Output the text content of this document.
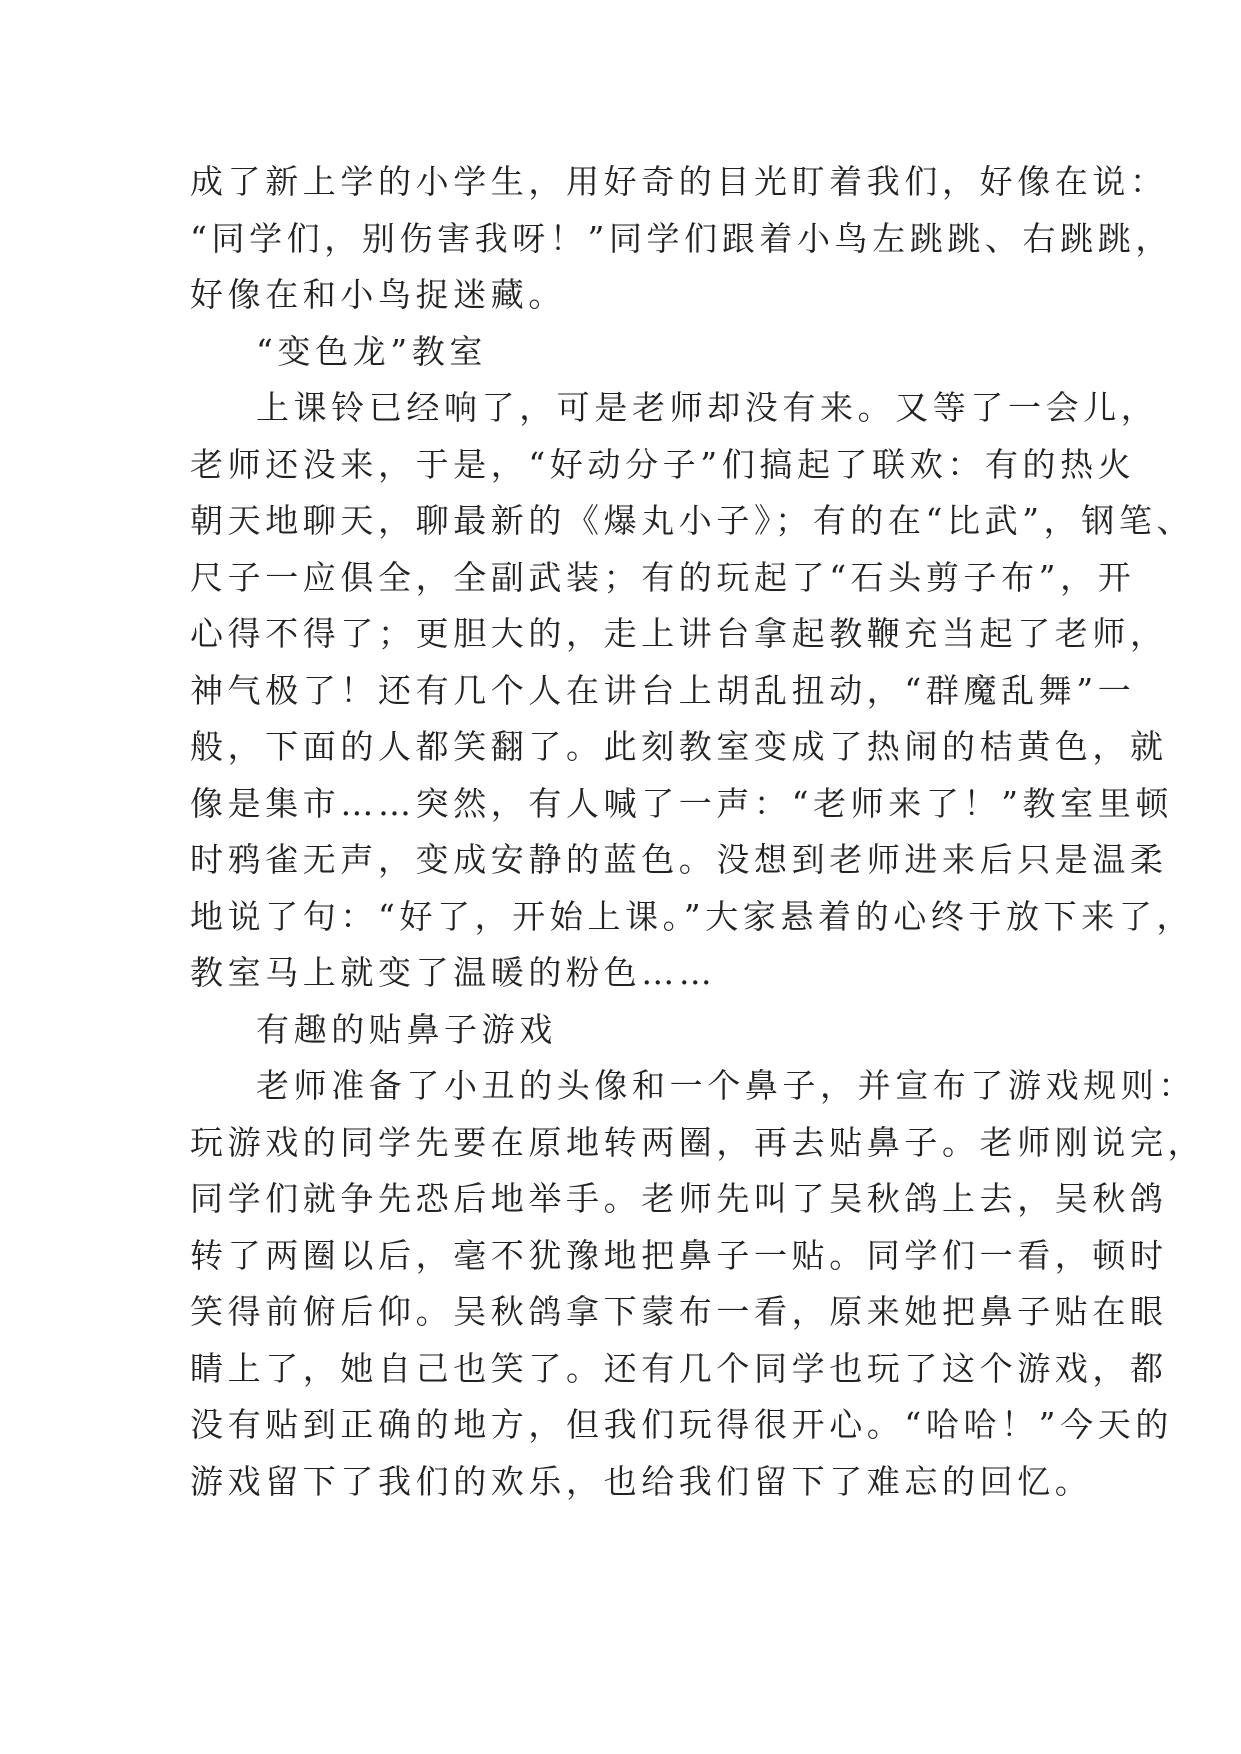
成了新上学的小学生，用好奇的目光盯着我们，好像在说：
“同学们，别伤害我呀！”同学们跟着小鸟左跳跳、右跳跳，
好像在和小鸟捉迷藏。
“变色龙”教室
上课铃已经响了，可是老师却没有来。又等了一会儿，
老师还没来，于是，“好动分子”们搞起了联欢：有的热火
朝天地聊天，聊最新的《爆丸小子》；有的在“比武”，钢笔、
尺子一应俱全，全副武装；有的玩起了“石头剪子布”，开
心得不得了；更胆大的，走上讲台拿起教鞭充当起了老师，
神气极了！还有几个人在讲台上胡乱扭动，“群魔乱舞”一
般，下面的人都笑翻了。此刻教室变成了热闹的桔黄色，就
像是集市……突然，有人喊了一声：“老师来了！”教室里顿
时鸦雀无声，变成安静的蓝色。没想到老师进来后只是温柔
地说了句：“好了，开始上课。”大家悬着的心终于放下来了，
教室马上就变了温暖的粉色……
有趣的贴鼻子游戏
老师准备了小丑的头像和一个鼻子，并宣布了游戏规则：
玩游戏的同学先要在原地转两圈，再去贴鼻子。老师刚说完，
同学们就争先恐后地举手。老师先叫了吴秋鸽上去，吴秋鸽
转了两圈以后，毫不犹豫地把鼻子一贴。同学们一看，顿时
笑得前俯后仰。吴秋鸽拿下蒙布一看，原来她把鼻子贴在眼
睛上了，她自己也笑了。还有几个同学也玩了这个游戏，都
没有贴到正确的地方，但我们玩得很开心。“哈哈！”今天的
游戏留下了我们的欢乐，也给我们留下了难忘的回忆。
